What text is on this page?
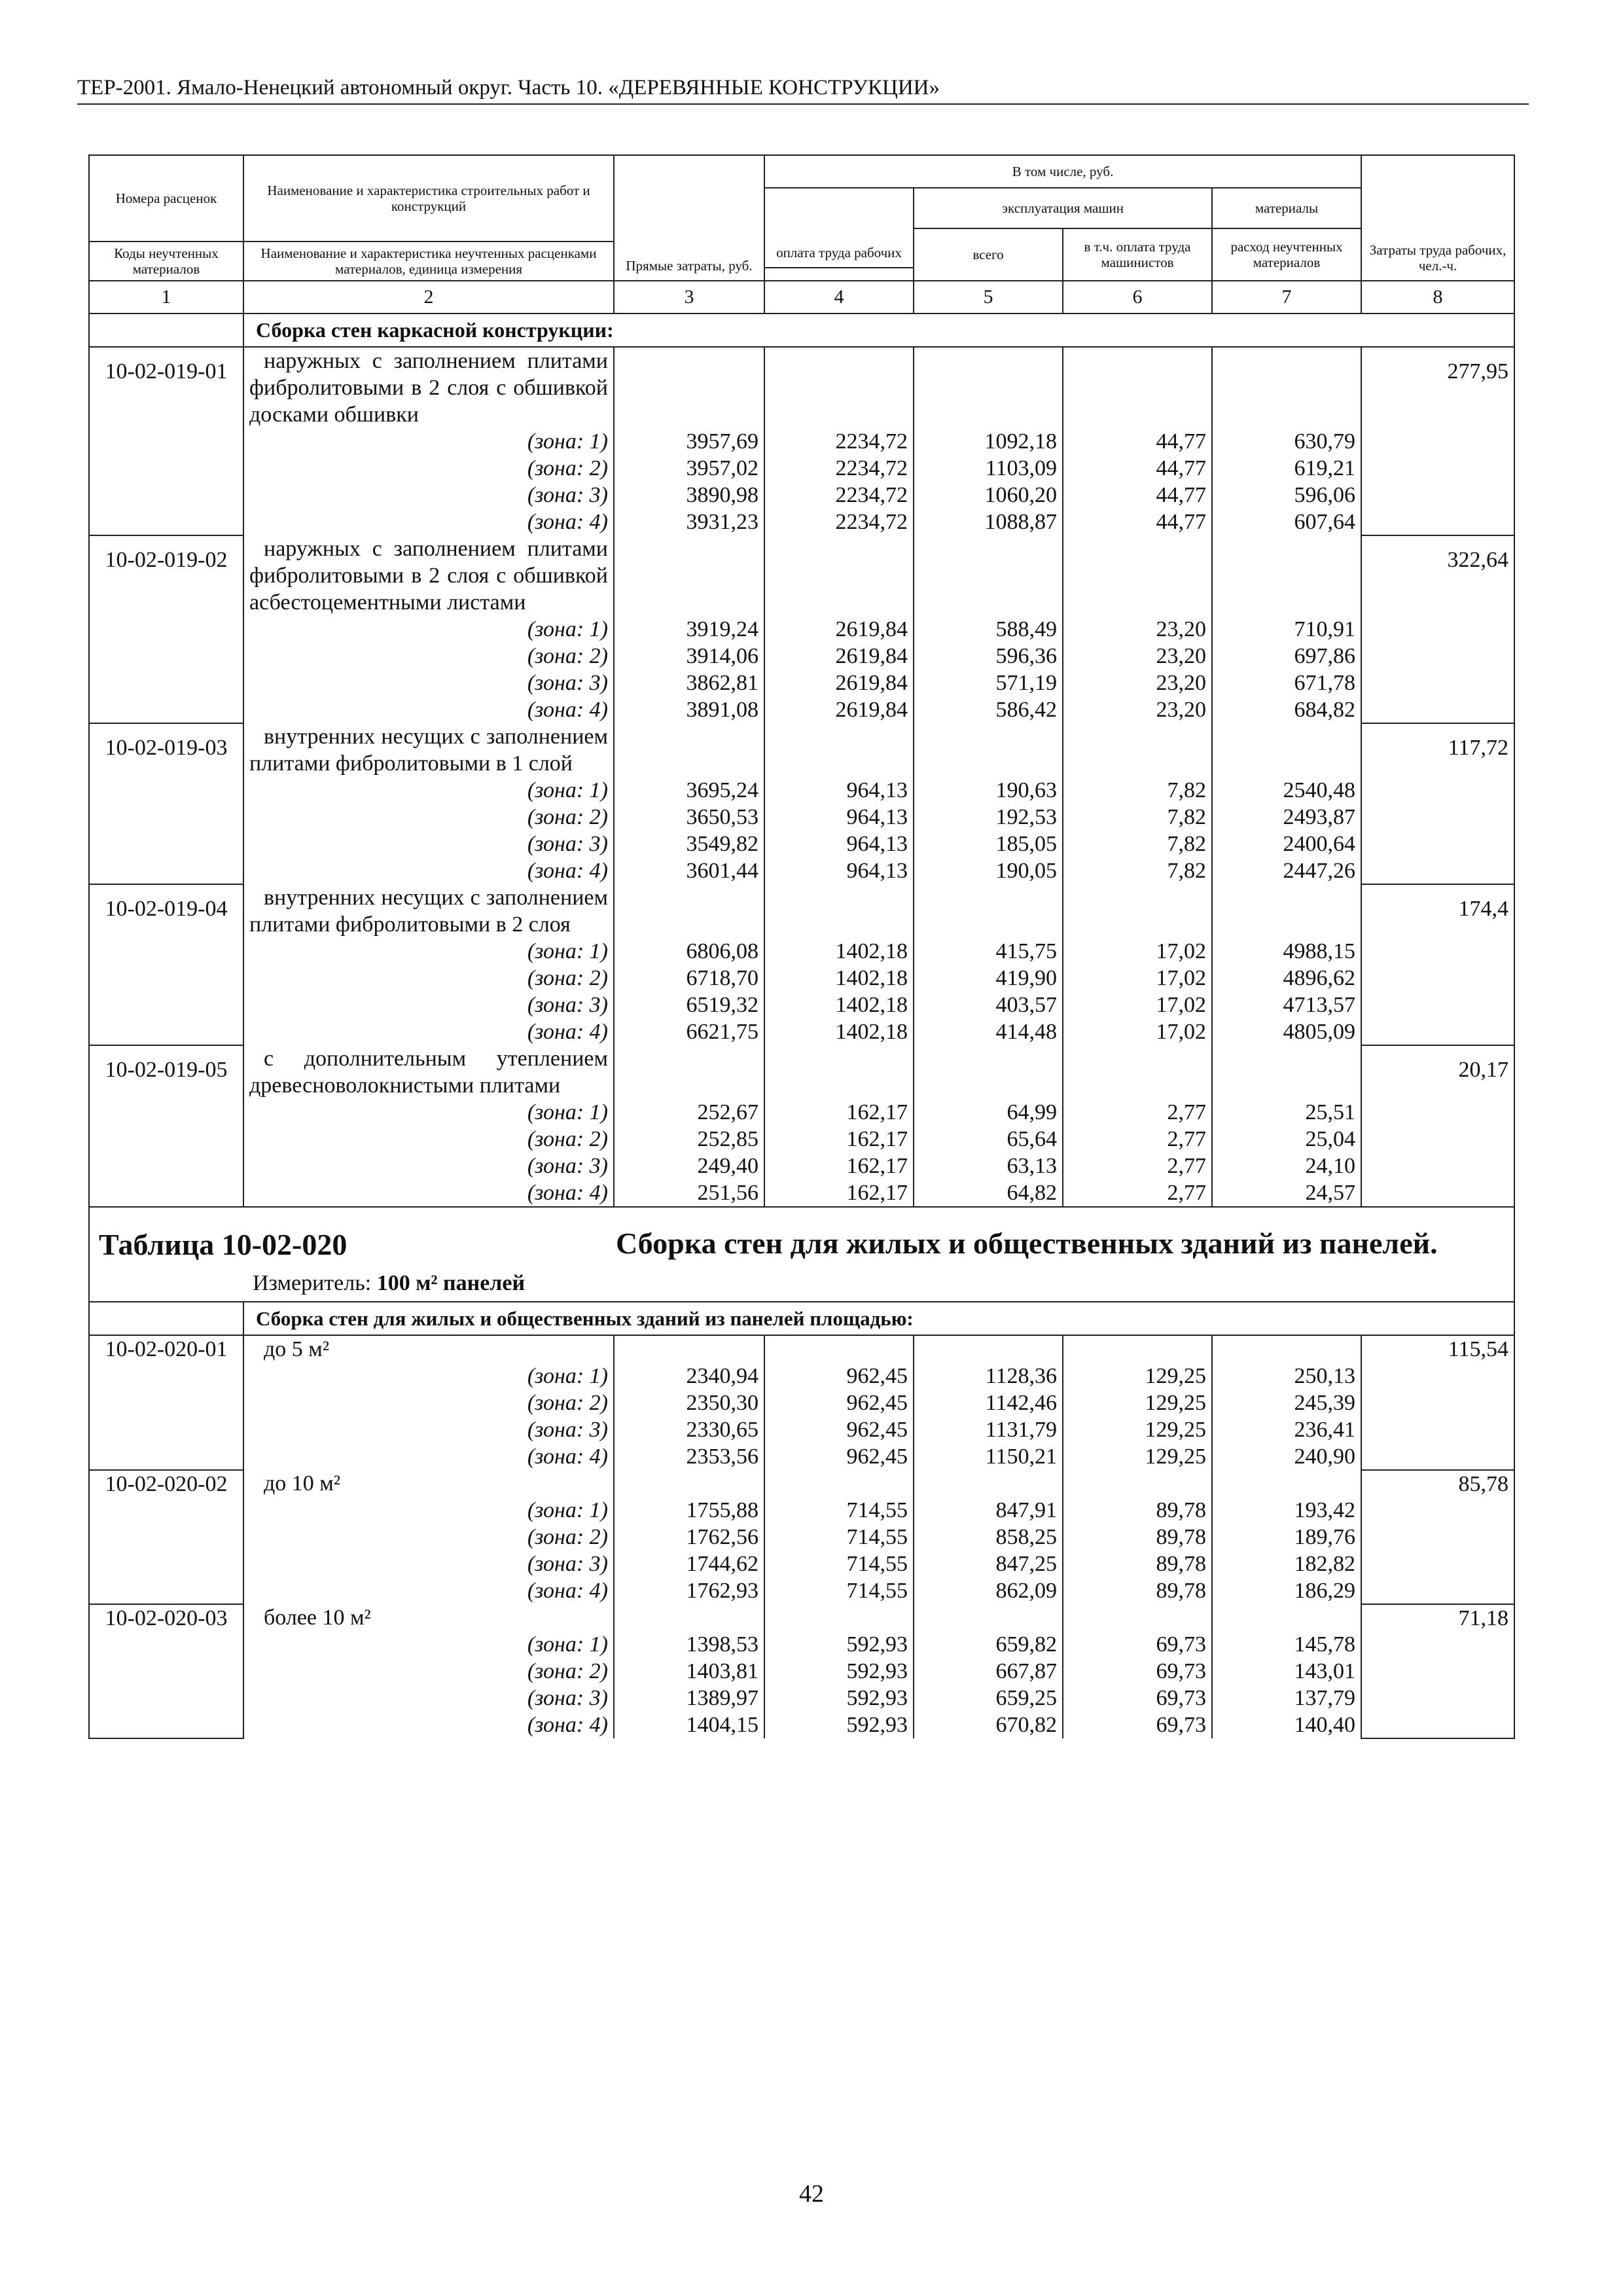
ТЕР-2001. Ямало-Ненецкий автономный округ. Часть 10. «ДЕРЕВЯННЫЕ КОНСТРУКЦИИ»
Номера расценок	Наименование и характеристика строительных работ и конструкций	Прямые затраты, руб.	В том числе, руб.				Затраты труда рабочих, чел.-ч.
			оплата труда рабочих	эксплуатация машин		материалы	
				всего	в т.ч. оплата труда машинистов	расход неучтенных материалов	
Коды неучтенных материалов	Наименование и характеристика неучтенных расценками материалов, единица измерения						

1	2	3	4	5	6	7	8
	Сборка стен каркасной конструкции:						
10-02-019-01	наружных с заполнением плитами фибролитовыми в 2 слоя с обшивкой досками обшивки						277,95
	(зона: 1)	3957,69	2234,72	1092,18	44,77	630,79	
	(зона: 2)	3957,02	2234,72	1103,09	44,77	619,21	
	(зона: 3)	3890,98	2234,72	1060,20	44,77	596,06	
	(зона: 4)	3931,23	2234,72	1088,87	44,77	607,64	
10-02-019-02	наружных с заполнением плитами фибролитовыми в 2 слоя с обшивкой асбестоцементными листами						322,64
	(зона: 1)	3919,24	2619,84	588,49	23,20	710,91	
	(зона: 2)	3914,06	2619,84	596,36	23,20	697,86	
	(зона: 3)	3862,81	2619,84	571,19	23,20	671,78	
	(зона: 4)	3891,08	2619,84	586,42	23,20	684,82	
10-02-019-03	внутренних несущих с заполнением плитами фибролитовыми в 1 слой						117,72
	(зона: 1)	3695,24	964,13	190,63	7,82	2540,48	
	(зона: 2)	3650,53	964,13	192,53	7,82	2493,87	
	(зона: 3)	3549,82	964,13	185,05	7,82	2400,64	
	(зона: 4)	3601,44	964,13	190,05	7,82	2447,26	
10-02-019-04	внутренних несущих с заполнением плитами фибролитовыми в 2 слоя						174,4
	(зона: 1)	6806,08	1402,18	415,75	17,02	4988,15	
	(зона: 2)	6718,70	1402,18	419,90	17,02	4896,62	
	(зона: 3)	6519,32	1402,18	403,57	17,02	4713,57	
	(зона: 4)	6621,75	1402,18	414,48	17,02	4805,09	
10-02-019-05	с дополнительным утеплением древесноволокнистыми плитами						20,17
	(зона: 1)	252,67	162,17	64,99	2,77	25,51	
	(зона: 2)	252,85	162,17	65,64	2,77	25,04	
	(зона: 3)	249,40	162,17	63,13	2,77	24,10	
	(зона: 4)	251,56	162,17	64,82	2,77	24,57	

Таблица 10-02-020 Сборка стен для жилых и общественных зданий из панелей.
Измеритель: 100 м² панелей							

	Сборка стен для жилых и общественных зданий из панелей площадью:						
10-02-020-01	до 5 м²						115,54
	(зона: 1)	2340,94	962,45	1128,36	129,25	250,13	
	(зона: 2)	2350,30	962,45	1142,46	129,25	245,39	
	(зона: 3)	2330,65	962,45	1131,79	129,25	236,41	
	(зона: 4)	2353,56	962,45	1150,21	129,25	240,90	
10-02-020-02	до 10 м²						85,78
	(зона: 1)	1755,88	714,55	847,91	89,78	193,42	
	(зона: 2)	1762,56	714,55	858,25	89,78	189,76	
	(зона: 3)	1744,62	714,55	847,25	89,78	182,82	
	(зона: 4)	1762,93	714,55	862,09	89,78	186,29	
10-02-020-03	более 10 м²						71,18
	(зона: 1)	1398,53	592,93	659,82	69,73	145,78	
	(зона: 2)	1403,81	592,93	667,87	69,73	143,01	
	(зона: 3)	1389,97	592,93	659,25	69,73	137,79	
	(зона: 4)	1404,15	592,93	670,82	69,73	140,40	
42
